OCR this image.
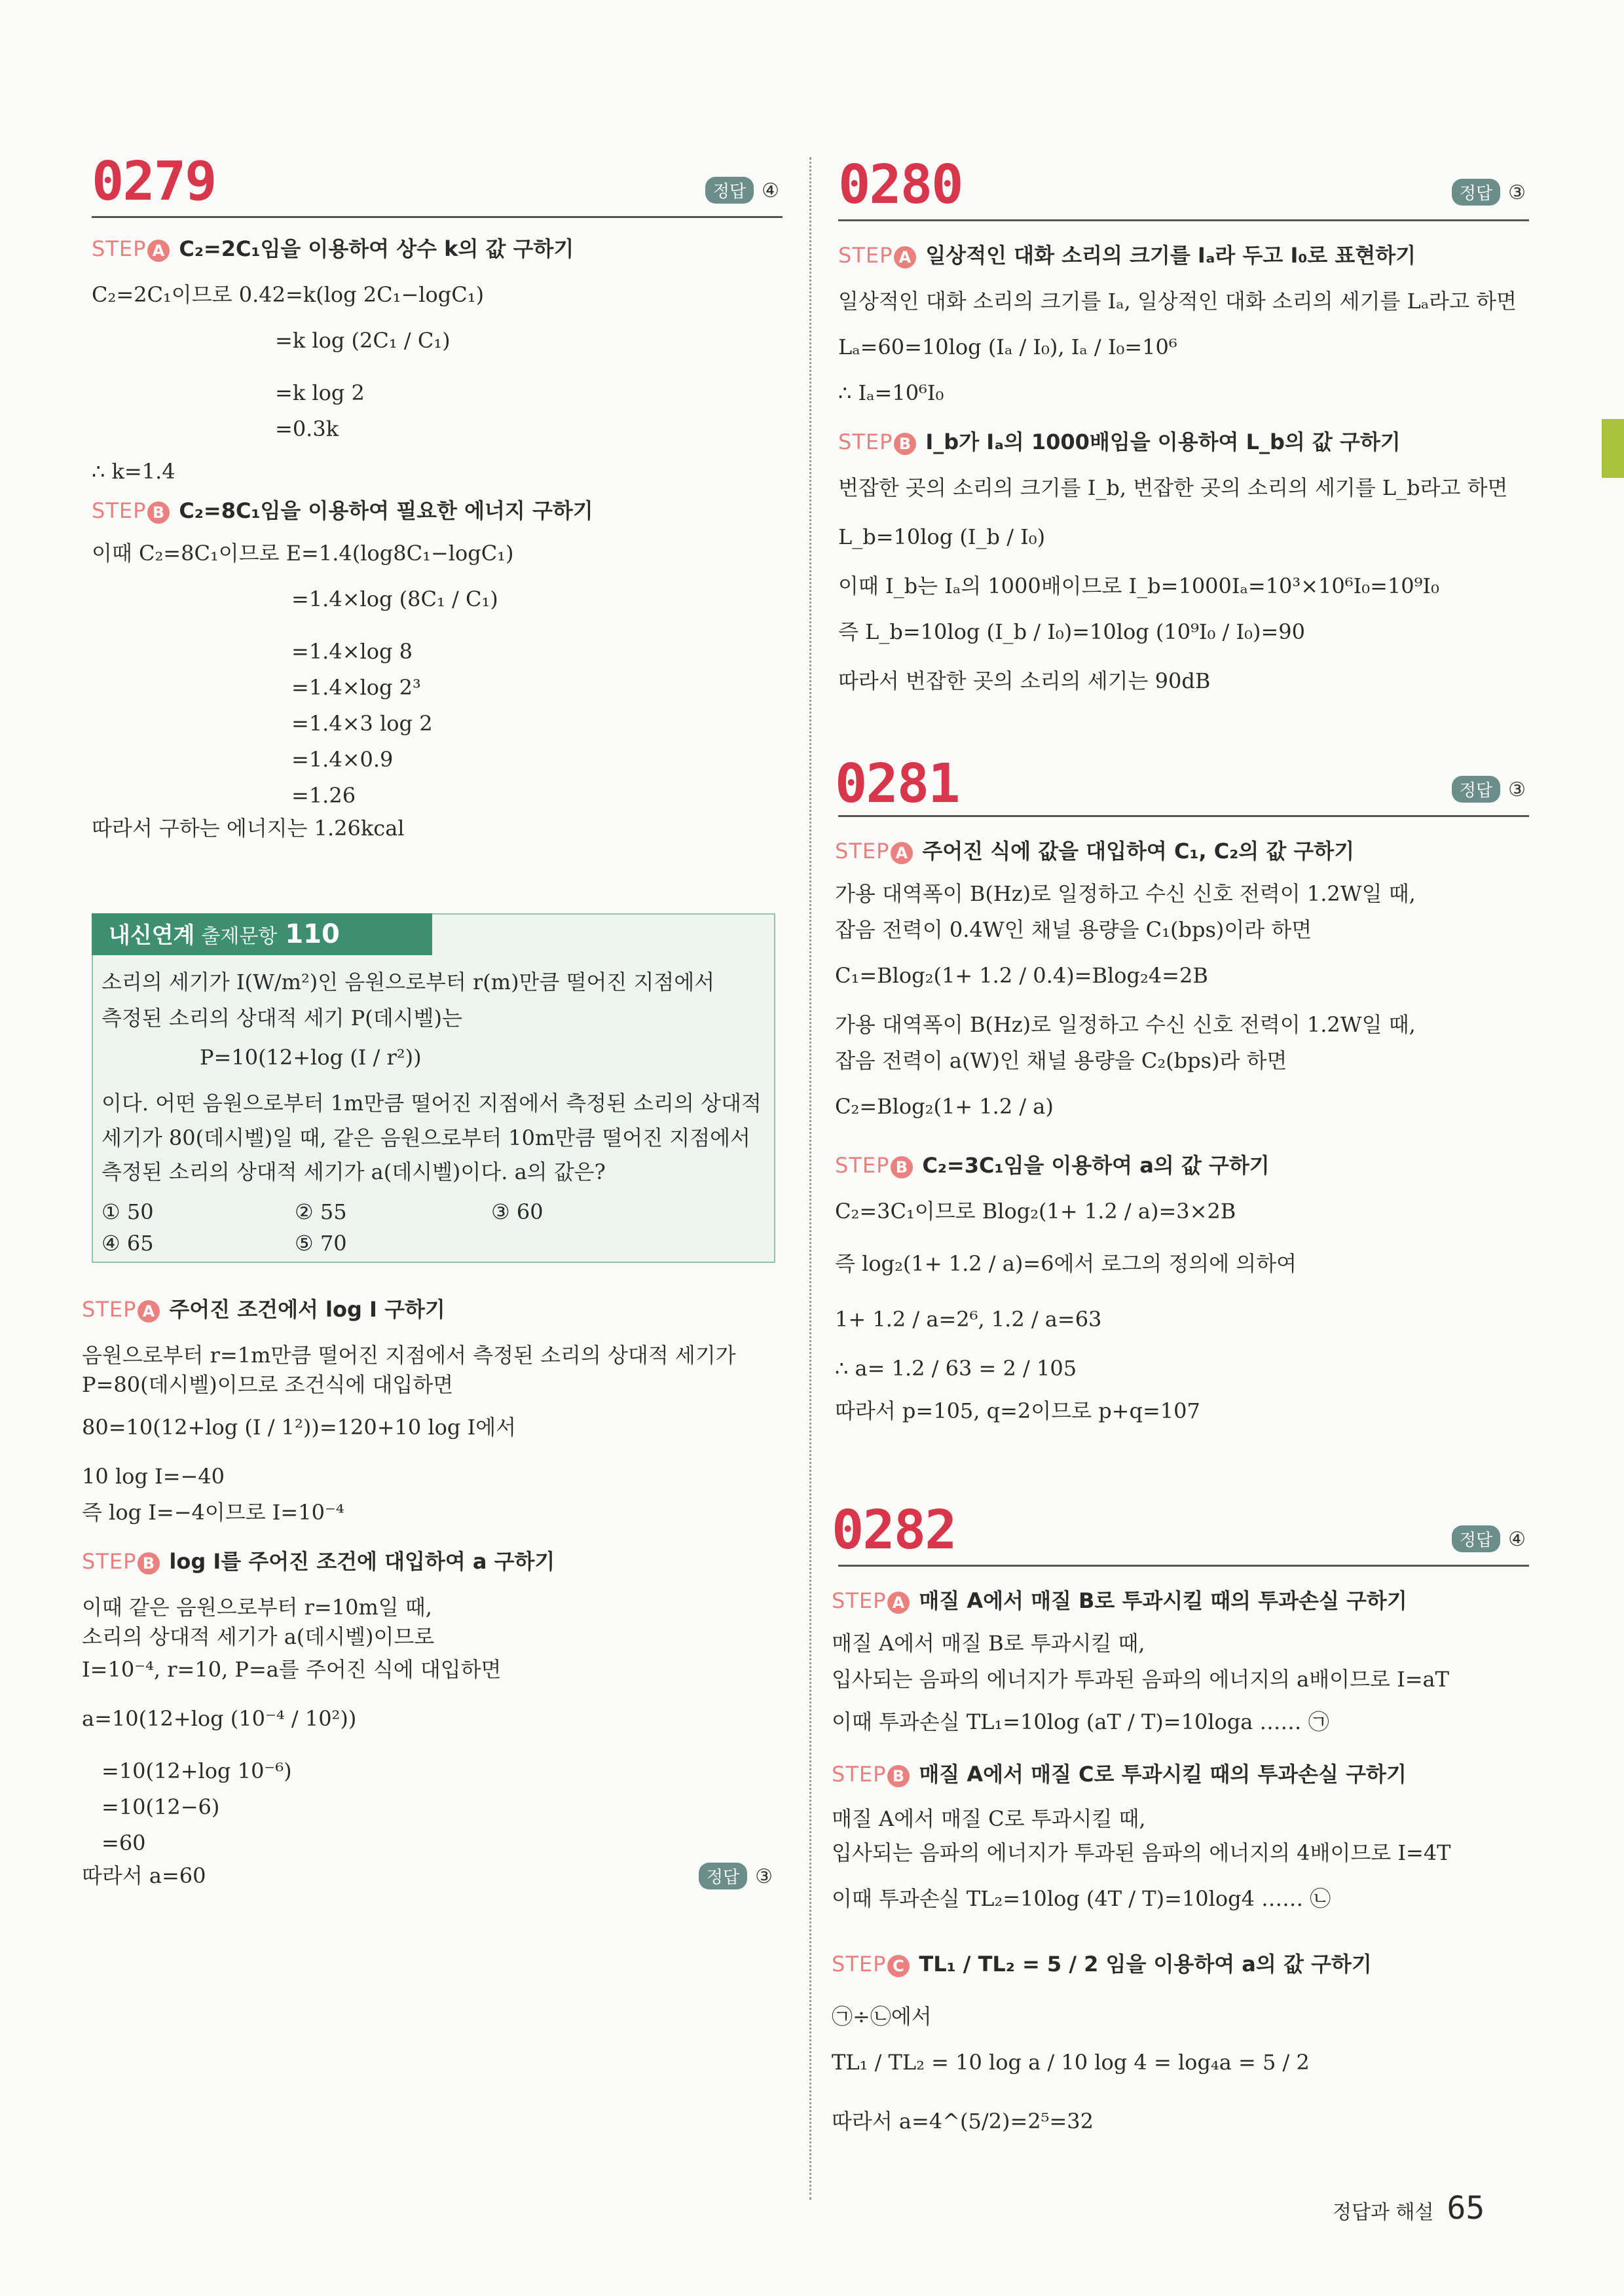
0279	정답 ④
STEP A C₂=2C₁임을 이용하여 상수 k의 값 구하기
C₂=2C₁이므로 0.42=k(log 2C₁−logC₁)
=k log (2C₁ / C₁)
=k log 2
=0.3k
∴ k=1.4
STEP B C₂=8C₁임을 이용하여 필요한 에너지 구하기
이때 C₂=8C₁이므로 E=1.4(log8C₁−logC₁)
=1.4×log (8C₁ / C₁)
=1.4×log 8
=1.4×log 2³
=1.4×3 log 2
=1.4×0.9
=1.26
따라서 구하는 에너지는 1.26kcal
내신연계 출제문항 110
소리의 세기가 I(W/m²)인 음원으로부터 r(m)만큼 떨어진 지점에서
측정된 소리의 상대적 세기 P(데시벨)는
P=10(12+log (I / r²))
이다. 어떤 음원으로부터 1m만큼 떨어진 지점에서 측정된 소리의 상대적
세기가 80(데시벨)일 때, 같은 음원으로부터 10m만큼 떨어진 지점에서
측정된 소리의 상대적 세기가 a(데시벨)이다. a의 값은?
① 50	② 55	③ 60
④ 65	⑤ 70
STEP A 주어진 조건에서 log I 구하기
음원으로부터 r=1m만큼 떨어진 지점에서 측정된 소리의 상대적 세기가
P=80(데시벨)이므로 조건식에 대입하면
80=10(12+log (I / 1²))=120+10 log I에서
10 log I=−40
즉 log I=−4이므로 I=10⁻⁴
STEP B log I를 주어진 조건에 대입하여 a 구하기
이때 같은 음원으로부터 r=10m일 때,
소리의 상대적 세기가 a(데시벨)이므로
I=10⁻⁴, r=10, P=a를 주어진 식에 대입하면
a=10(12+log (10⁻⁴ / 10²))
=10(12+log 10⁻⁶)
=10(12−6)
=60
따라서 a=60	정답 ③
0280	정답 ③
STEP A 일상적인 대화 소리의 크기를 Iₐ라 두고 I₀로 표현하기
일상적인 대화 소리의 크기를 Iₐ, 일상적인 대화 소리의 세기를 Lₐ라고 하면
Lₐ=60=10log (Iₐ / I₀), Iₐ / I₀=10⁶
∴ Iₐ=10⁶I₀
STEP B I_b가 Iₐ의 1000배임을 이용하여 L_b의 값 구하기
번잡한 곳의 소리의 크기를 I_b, 번잡한 곳의 소리의 세기를 L_b라고 하면
L_b=10log (I_b / I₀)
이때 I_b는 Iₐ의 1000배이므로 I_b=1000Iₐ=10³×10⁶I₀=10⁹I₀
즉 L_b=10log (I_b / I₀)=10log (10⁹I₀ / I₀)=90
따라서 번잡한 곳의 소리의 세기는 90dB
0281	정답 ③
STEP A 주어진 식에 값을 대입하여 C₁, C₂의 값 구하기
가용 대역폭이 B(Hz)로 일정하고 수신 신호 전력이 1.2W일 때,
잡음 전력이 0.4W인 채널 용량을 C₁(bps)이라 하면
C₁=Blog₂(1+ 1.2 / 0.4)=Blog₂4=2B
가용 대역폭이 B(Hz)로 일정하고 수신 신호 전력이 1.2W일 때,
잡음 전력이 a(W)인 채널 용량을 C₂(bps)라 하면
C₂=Blog₂(1+ 1.2 / a)
STEP B C₂=3C₁임을 이용하여 a의 값 구하기
C₂=3C₁이므로 Blog₂(1+ 1.2 / a)=3×2B
즉 log₂(1+ 1.2 / a)=6에서 로그의 정의에 의하여
1+ 1.2 / a=2⁶, 1.2 / a=63
∴ a= 1.2 / 63 = 2 / 105
따라서 p=105, q=2이므로 p+q=107
0282	정답 ④
STEP A 매질 A에서 매질 B로 투과시킬 때의 투과손실 구하기
매질 A에서 매질 B로 투과시킬 때,
입사되는 음파의 에너지가 투과된 음파의 에너지의 a배이므로 I=aT
이때 투과손실 TL₁=10log (aT / T)=10loga …… ㉠
STEP B 매질 A에서 매질 C로 투과시킬 때의 투과손실 구하기
매질 A에서 매질 C로 투과시킬 때,
입사되는 음파의 에너지가 투과된 음파의 에너지의 4배이므로 I=4T
이때 투과손실 TL₂=10log (4T / T)=10log4 …… ㉡
STEP C TL₁ / TL₂ = 5 / 2 임을 이용하여 a의 값 구하기
㉠÷㉡에서
TL₁ / TL₂ = 10 log a / 10 log 4 = log₄a = 5 / 2
따라서 a=4^(5/2)=2⁵=32
정답과 해설 65
